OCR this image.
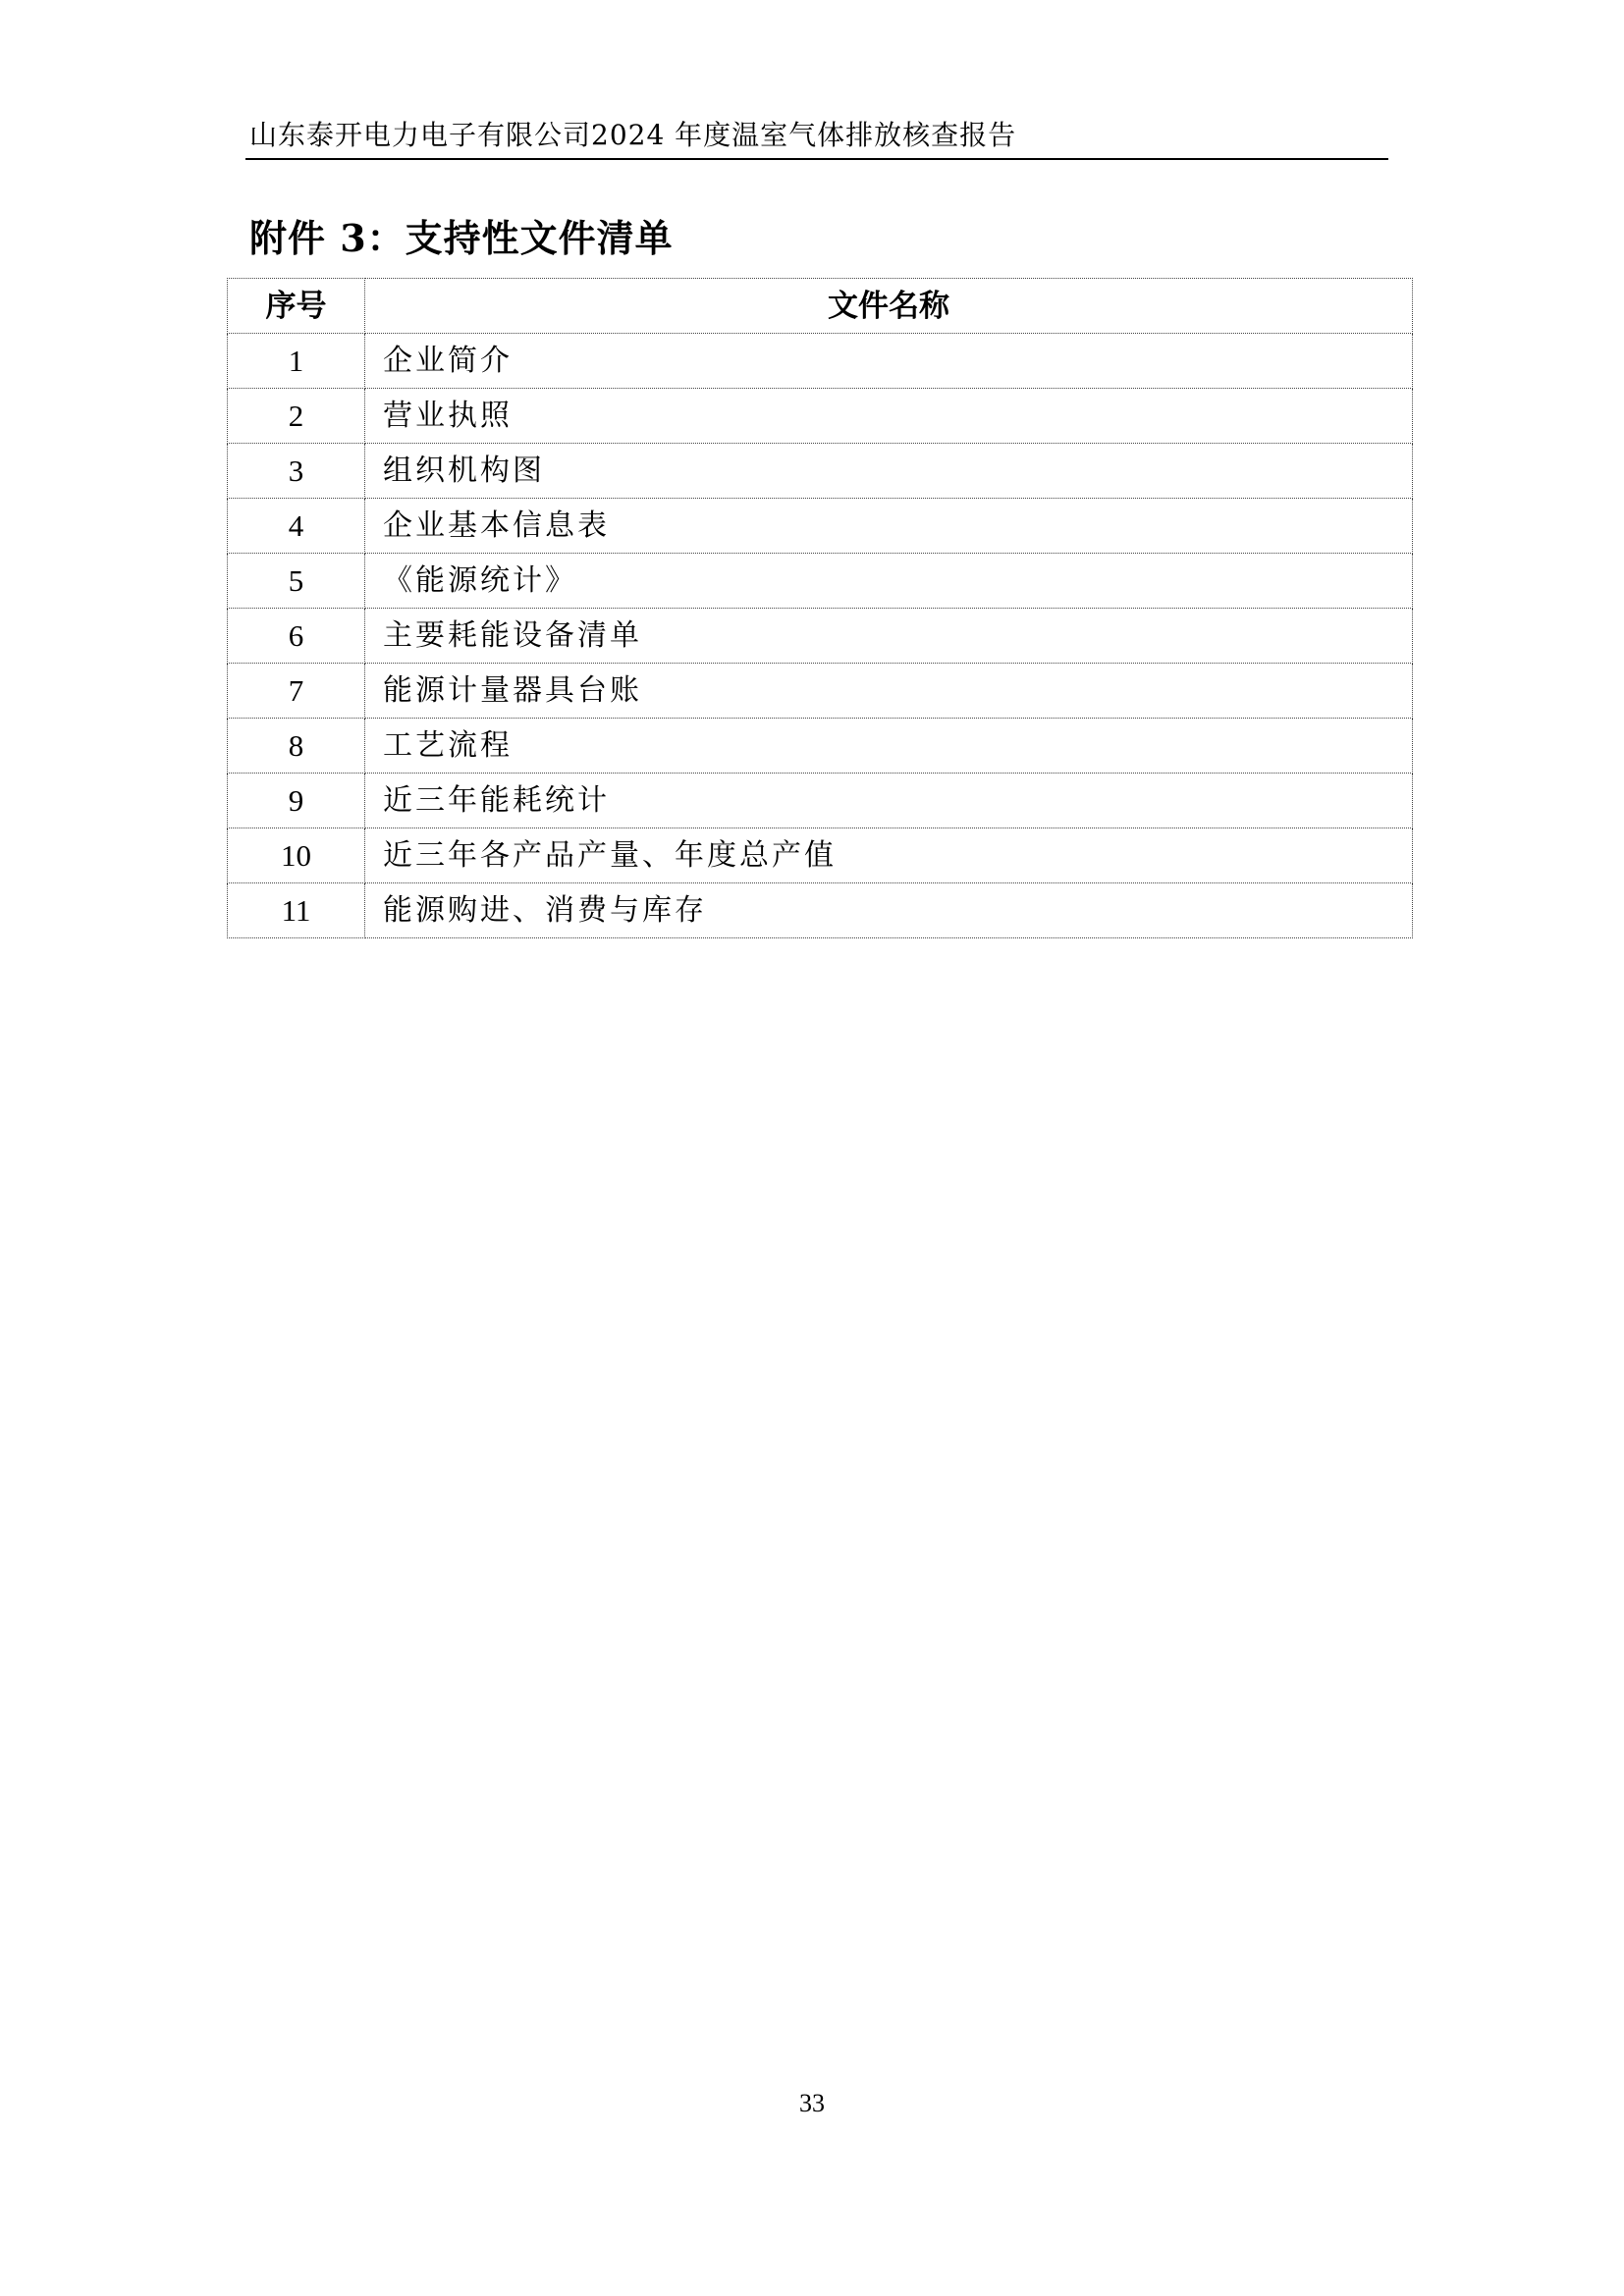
山东泰开电力电子有限公司2024 年度温室气体排放核查报告
附件 3：支持性文件清单
序号	文件名称
1	企业简介
2	营业执照
3	组织机构图
4	企业基本信息表
5	《能源统计》
6	主要耗能设备清单
7	能源计量器具台账
8	工艺流程
9	近三年能耗统计
10	近三年各产品产量、年度总产值
11	能源购进、消费与库存
33
